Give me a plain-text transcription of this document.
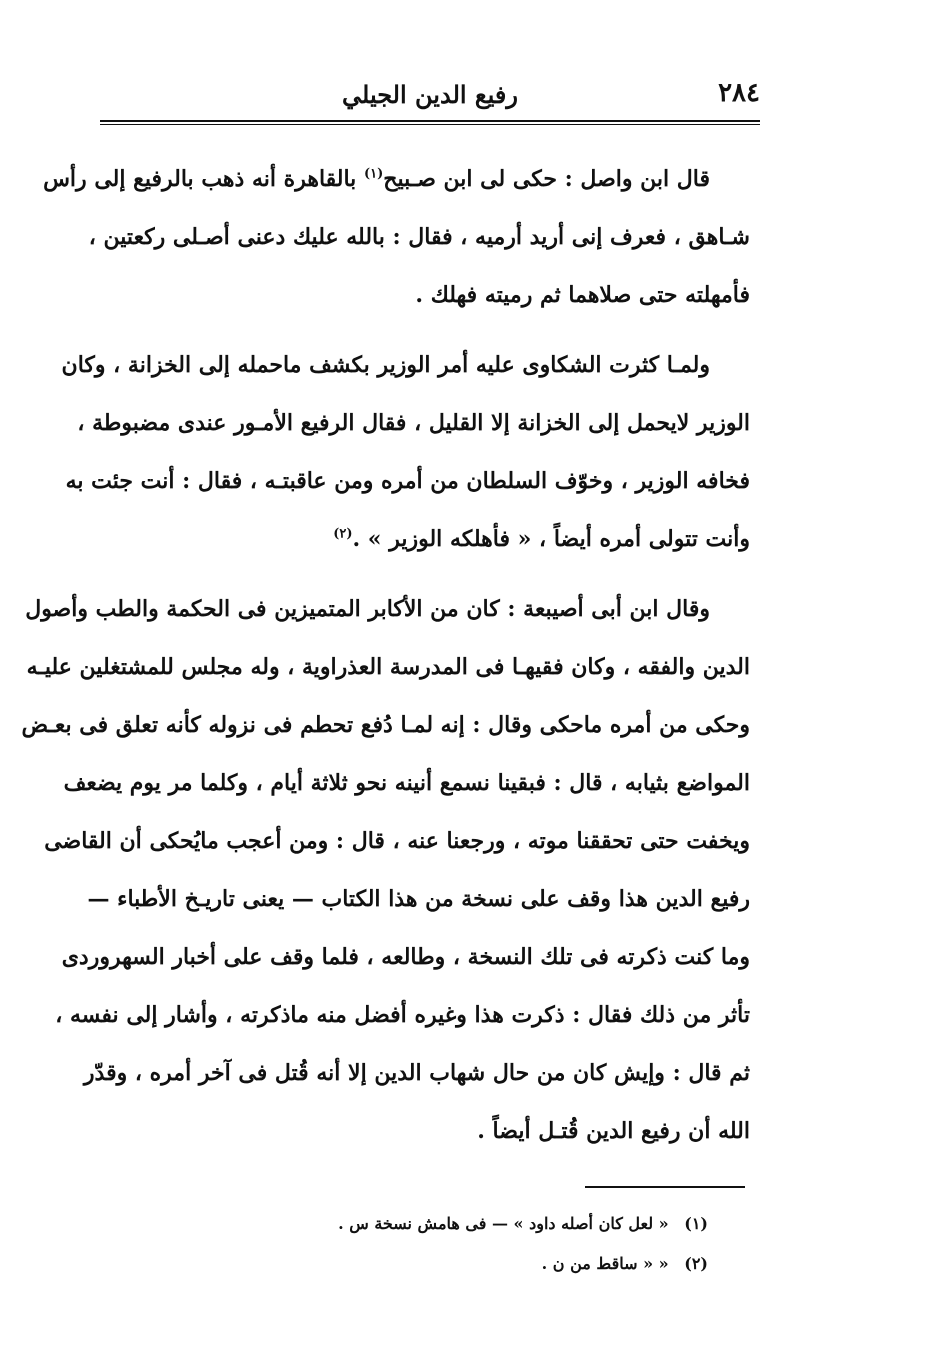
٢٨٤
رفيع الدين الجيلي
قال ابن واصل : حكى لى ابن صـبيح$^{(١)}$ بالقاهرة أنه ذهب بالرفيع إلى رأس
شـاهق ، فعرف إنى أريد أرميه ، فقال : بالله عليك دعنى أصـلى ركعتين ،
فأمهلته حتى صلاهما ثم رميته فهلك .
ولمـا كثرت الشكاوى عليه أمر الوزير بكشف ماحمله إلى الخزانة ، وكان
الوزير لايحمل إلى الخزانة إلا القليل ، فقال الرفيع الأمـور عندى مضبوطة ،
فخافه الوزير ، وخوّف السلطان من أمره ومن عاقبتـه ، فقال : أنت جئت به
وأنت تتولى أمره أيضاً ، « فأهلكه الوزير » .$^{(٢)}$
وقال ابن أبى أصيبعة : كان من الأكابر المتميزين فى الحكمة والطب وأصول
الدين والفقه ، وكان فقيهـا فى المدرسة العذراوية ، وله مجلس للمشتغلين عليـه
وحكى من أمره ماحكى وقال : إنه لمـا دُفع تحطم فى نزوله كأنه تعلق فى بعـض
المواضع بثيابه ، قال : فبقينا نسمع أنينه نحو ثلاثة أيام ، وكلما مر يوم يضعف
ويخفت حتى تحققنا موته ، ورجعنا عنه ، قال : ومن أعجب مايُحكى أن القاضى
رفيع الدين هذا وقف على نسخة من هذا الكتاب — يعنى تاريـخ الأطباء —
وما كنت ذكرته فى تلك النسخة ، وطالعه ، فلما وقف على أخبار السهروردى
تأثر من ذلك فقال : ذكرت هذا وغيره أفضل منه ماذكرته ، وأشار إلى نفسه ،
ثم قال : وإيش كان من حال شهاب الدين إلا أنه قُتل فى آخر أمره ، وقدّر
الله أن رفيع الدين قُتـل أيضاً .
(١) « لعل كان أصله داود » — فى هامش نسخة س .
(٢) « « ساقط من ن .
